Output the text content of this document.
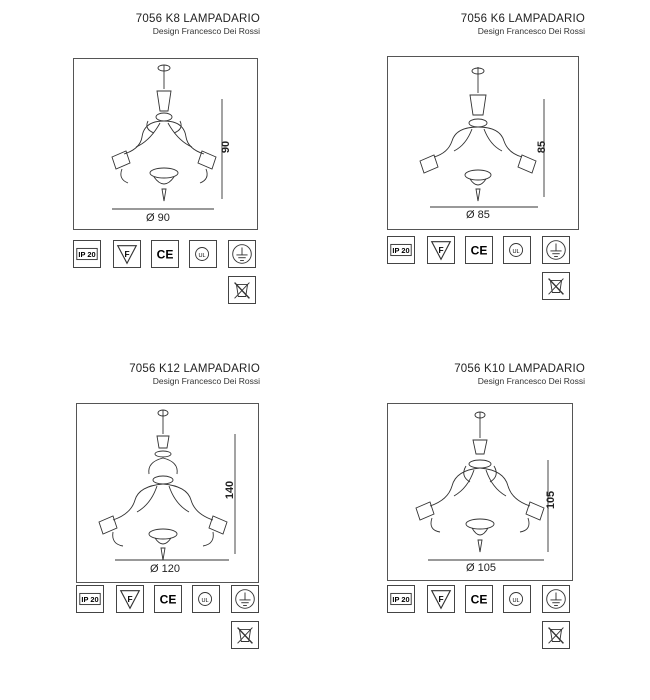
7056 K8 LAMPADARIO
Design Francesco Dei Rossi
90
Ø 90
IP 20	F CE	UL
7056 K6 LAMPADARIO
Design Francesco Dei Rossi
85
Ø 85
IP 20	F CE	UL
7056 K12 LAMPADARIO
Design Francesco Dei Rossi
140
Ø 120
IP 20	F CE	UL
7056 K10 LAMPADARIO
Design Francesco Dei Rossi
105
Ø 105
IP 20	F CE	UL
